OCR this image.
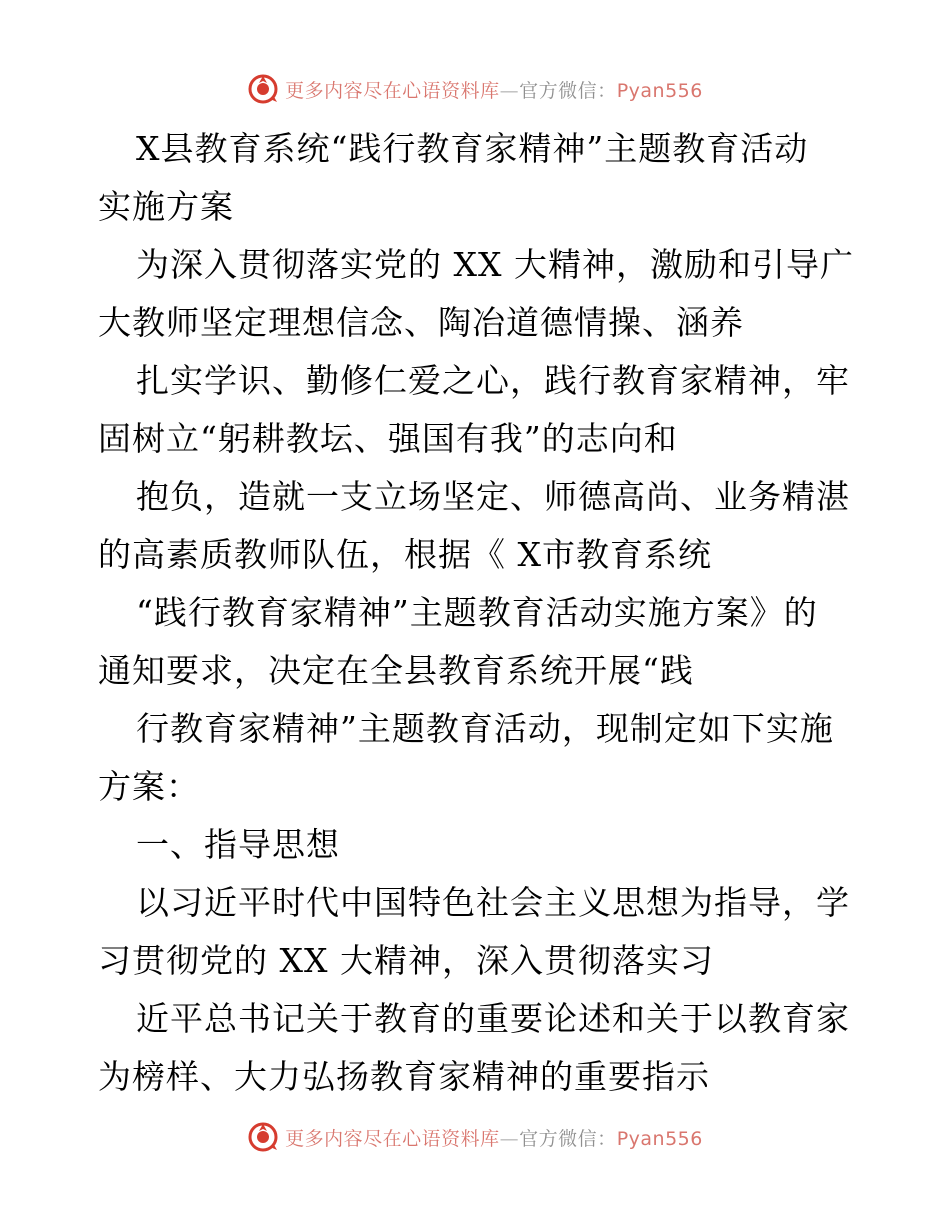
更多内容尽在心语资料库—官方微信：Pyan556
X县教育系统“践行教育家精神”主题教育活动
实施方案
为深入贯彻落实党的 XX 大精神，激励和引导广
大教师坚定理想信念、陶冶道德情操、涵养
扎实学识、勤修仁爱之心，践行教育家精神，牢
固树立“躬耕教坛、强国有我”的志向和
抱负，造就一支立场坚定、师德高尚、业务精湛
的高素质教师队伍，根据《 X市教育系统
“践行教育家精神”主题教育活动实施方案》的
通知要求，决定在全县教育系统开展“践
行教育家精神”主题教育活动，现制定如下实施
方案：
一、指导思想
以习近平时代中国特色社会主义思想为指导，学
习贯彻党的 XX 大精神，深入贯彻落实习
近平总书记关于教育的重要论述和关于以教育家
为榜样、大力弘扬教育家精神的重要指示
更多内容尽在心语资料库—官方微信：Pyan556
